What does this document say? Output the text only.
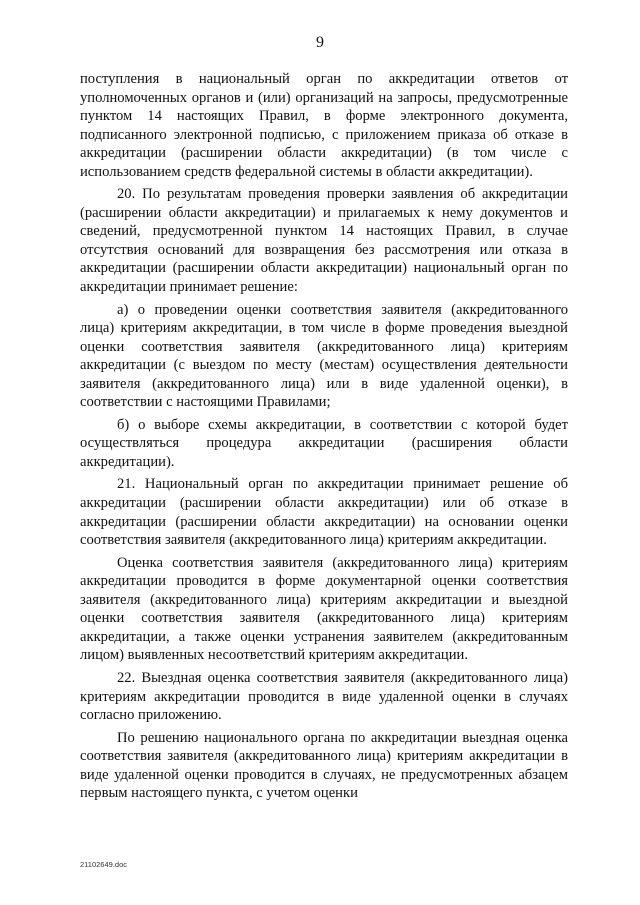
9

поступления в национальный орган по аккредитации ответов от уполномоченных органов и (или) организаций на запросы, предусмотренные пунктом 14 настоящих Правил, в форме электронного документа, подписанного электронной подписью, с приложением приказа об отказе в аккредитации (расширении области аккредитации) (в том числе с использованием средств федеральной системы в области аккредитации).

20. По результатам проведения проверки заявления об аккредитации (расширении области аккредитации) и прилагаемых к нему документов и сведений, предусмотренной пунктом 14 настоящих Правил, в случае отсутствия оснований для возвращения без рассмотрения или отказа в аккредитации (расширении области аккредитации) национальный орган по аккредитации принимает решение:

а) о проведении оценки соответствия заявителя (аккредитованного лица) критериям аккредитации, в том числе в форме проведения выездной оценки соответствия заявителя (аккредитованного лица) критериям аккредитации (с выездом по месту (местам) осуществления деятельности заявителя (аккредитованного лица) или в виде удаленной оценки), в соответствии с настоящими Правилами;

б) о выборе схемы аккредитации, в соответствии с которой будет осуществляться процедура аккредитации (расширения области аккредитации).

21. Национальный орган по аккредитации принимает решение об аккредитации (расширении области аккредитации) или об отказе в аккредитации (расширении области аккредитации) на основании оценки соответствия заявителя (аккредитованного лица) критериям аккредитации.

Оценка соответствия заявителя (аккредитованного лица) критериям аккредитации проводится в форме документарной оценки соответствия заявителя (аккредитованного лица) критериям аккредитации и выездной оценки соответствия заявителя (аккредитованного лица) критериям аккредитации, а также оценки устранения заявителем (аккредитованным лицом) выявленных несоответствий критериям аккредитации.

22. Выездная оценка соответствия заявителя (аккредитованного лица) критериям аккредитации проводится в виде удаленной оценки в случаях согласно приложению.

По решению национального органа по аккредитации выездная оценка соответствия заявителя (аккредитованного лица) критериям аккредитации в виде удаленной оценки проводится в случаях, не предусмотренных абзацем первым настоящего пункта, с учетом оценки

21102649.doc
